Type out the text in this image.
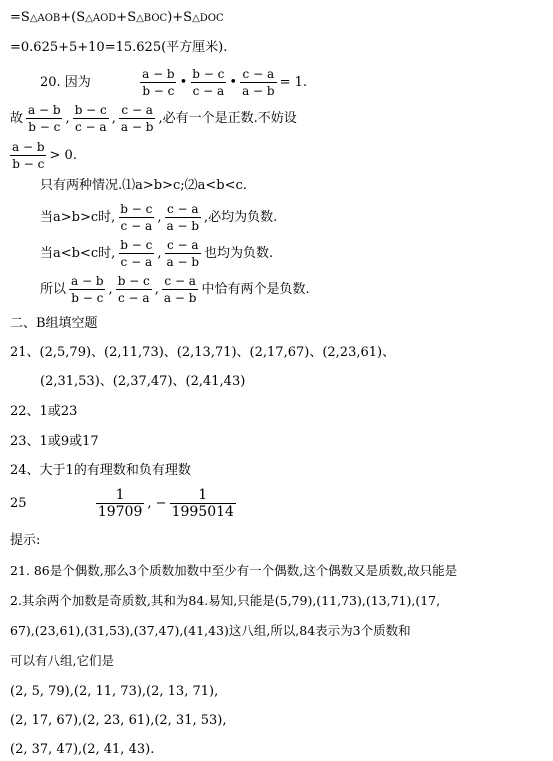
=S△AOB+(S△AOD+S△BOC)+S△DOC
=0.625+5+10=15.625(平方厘米).
20. 因为	$\frac{a - b}{b - c}$ • $\frac{b - c}{c - a}$ • $\frac{c - a}{a - b} = 1$.
故 $\frac{a - b}{b - c}$ , $\frac{b - c}{c - a}$ , $\frac{c - a}{a - b}$ ,必有一个是正数.不妨设
$\frac{a - b}{b - c} > 0$.
只有两种情况.⑴a>b>c;⑵a<b<c.
当a>b>c时, $\frac{b - c}{c - a}$ , $\frac{c - a}{a - b}$ ,必均为负数.
当a<b<c时, $\frac{b - c}{c - a}$ , $\frac{c - a}{a - b}$ 也均为负数.
所以 $\frac{a - b}{b - c}$ , $\frac{b - c}{c - a}$ , $\frac{c - a}{a - b}$ 中恰有两个是负数.
二、B组填空题
21、(2,5,79)、(2,11,73)、(2,13,71)、(2,17,67)、(2,23,61)、
(2,31,53)、(2,37,47)、(2,41,43)
22、1或23
23、1或9或17
24、大于1的有理数和负有理数
25	$\frac{1}{19709}$ , − $\frac{1}{1995014}$
提示:
21. 86是个偶数,那么3个质数加数中至少有一个偶数,这个偶数又是质数,故只能是
2.其余两个加数是奇质数,其和为84.易知,只能是(5,79),(11,73),(13,71),(17,
67),(23,61),(31,53),(37,47),(41,43)这八组,所以,84表示为3个质数和
可以有八组,它们是
(2, 5, 79),(2, 11, 73),(2, 13, 71),
(2, 17, 67),(2, 23, 61),(2, 31, 53),
(2, 37, 47),(2, 41, 43).
